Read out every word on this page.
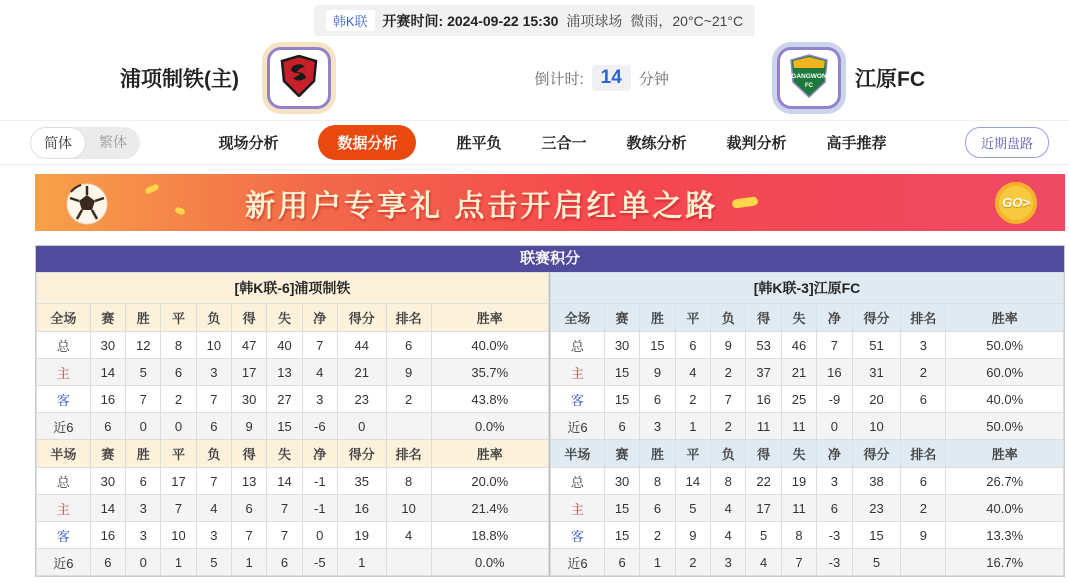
韩K联	开赛时间: 2024-09-22 15:30 浦项球场 微雨，20°C~21°C
浦项制铁(主)	倒计时: 14	分钟	GANGWON
FC 江原FC
简体	繁体	现场分析	数据分析	胜平负	三合一	教练分析	裁判分析	高手推荐	近期盘路
新用户专享礼 点击开启红单之路	GO>
联赛积分
[韩K联-6]浦项制铁										
全场	赛	胜	平	负	得	失	净	得分	排名	胜率
总	30	12	8	10	47	40	7	44	6	40.0%
主	14	5	6	3	17	13	4	21	9	35.7%
客	16	7	2	7	30	27	3	23	2	43.8%
近6	6	0	0	6	9	15	-6	0		0.0%
半场	赛	胜	平	负	得	失	净	得分	排名	胜率
总	30	6	17	7	13	14	-1	35	8	20.0%
主	14	3	7	4	6	7	-1	16	10	21.4%
客	16	3	10	3	7	7	0	19	4	18.8%
近6	6	0	1	5	1	6	-5	1		0.0%
[韩K联-3]江原FC										
全场	赛	胜	平	负	得	失	净	得分	排名	胜率
总	30	15	6	9	53	46	7	51	3	50.0%
主	15	9	4	2	37	21	16	31	2	60.0%
客	15	6	2	7	16	25	-9	20	6	40.0%
近6	6	3	1	2	11	11	0	10		50.0%
半场	赛	胜	平	负	得	失	净	得分	排名	胜率
总	30	8	14	8	22	19	3	38	6	26.7%
主	15	6	5	4	17	11	6	23	2	40.0%
客	15	2	9	4	5	8	-3	15	9	13.3%
近6	6	1	2	3	4	7	-3	5		16.7%
